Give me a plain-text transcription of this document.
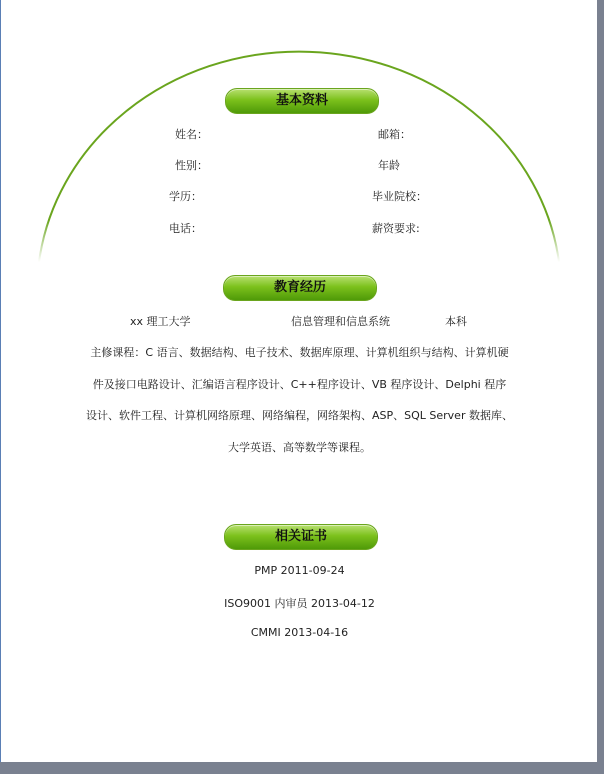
基本资料
姓名：	邮箱：
性别：	年龄
学历：	毕业院校：
电话：	薪资要求:
教育经历
xx 理工大学	信息管理和信息系统	本科
主修课程：C 语言、数据结构、电子技术、数据库原理、计算机组织与结构、计算机硬
件及接口电路设计、汇编语言程序设计、C++程序设计、VB 程序设计、Delphi 程序
设计、软件工程、计算机网络原理、网络编程，网络架构、ASP、SQL Server 数据库、
大学英语、高等数学等课程。
相关证书
PMP 2011-09-24
ISO9001 内审员 2013-04-12
CMMI 2013-04-16
